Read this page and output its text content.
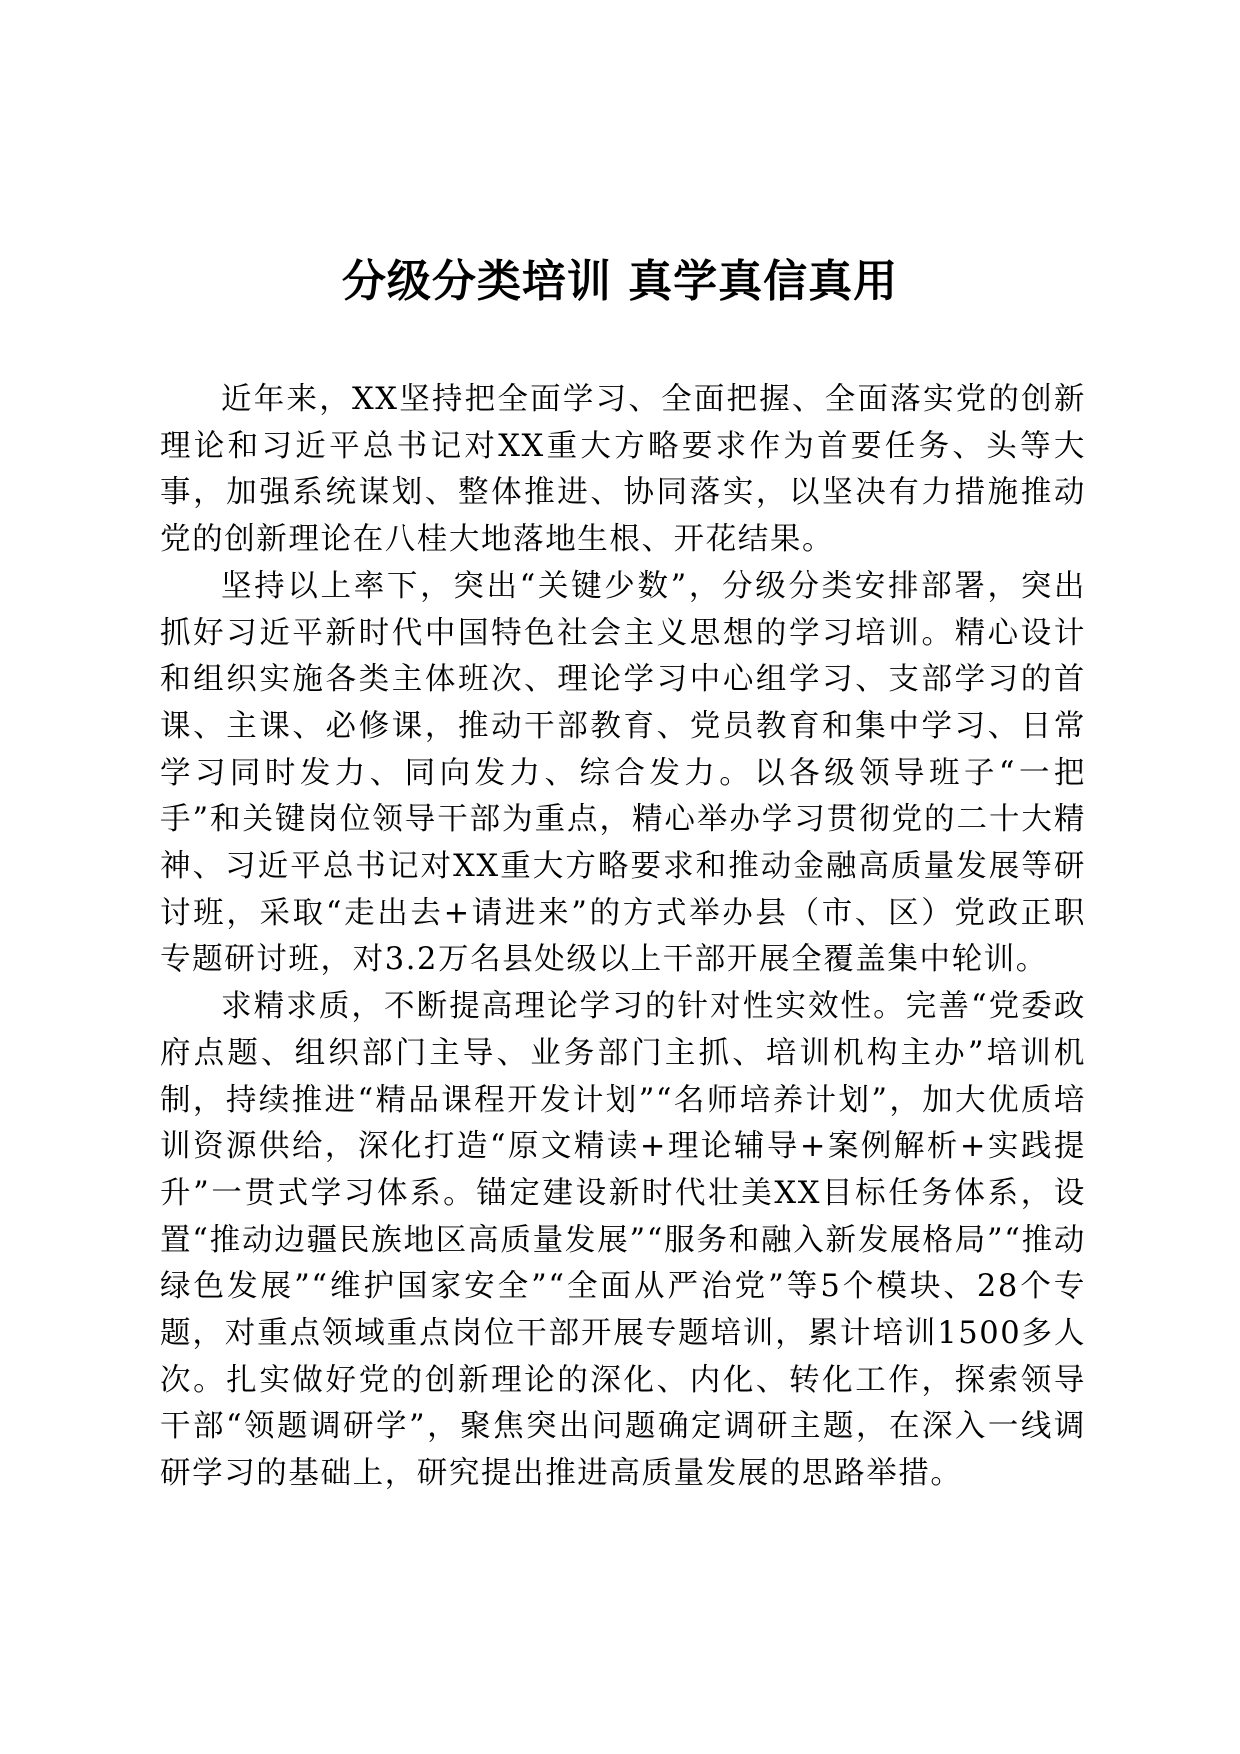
分级分类培训 真学真信真用

近年来，XX坚持把全面学习、全面把握、全面落实党的创新理论和习近平总书记对XX重大方略要求作为首要任务、头等大事，加强系统谋划、整体推进、协同落实，以坚决有力措施推动党的创新理论在八桂大地落地生根、开花结果。

坚持以上率下，突出“关键少数”，分级分类安排部署，突出抓好习近平新时代中国特色社会主义思想的学习培训。精心设计和组织实施各类主体班次、理论学习中心组学习、支部学习的首课、主课、必修课，推动干部教育、党员教育和集中学习、日常学习同时发力、同向发力、综合发力。以各级领导班子“一把手”和关键岗位领导干部为重点，精心举办学习贯彻党的二十大精神、习近平总书记对XX重大方略要求和推动金融高质量发展等研讨班，采取“走出去+请进来”的方式举办县（市、区）党政正职专题研讨班，对3.2万名县处级以上干部开展全覆盖集中轮训。

求精求质，不断提高理论学习的针对性实效性。完善“党委政府点题、组织部门主导、业务部门主抓、培训机构主办”培训机制，持续推进“精品课程开发计划”“名师培养计划”，加大优质培训资源供给，深化打造“原文精读+理论辅导+案例解析+实践提升”一贯式学习体系。锚定建设新时代壮美XX目标任务体系，设置“推动边疆民族地区高质量发展”“服务和融入新发展格局”“推动绿色发展”“维护国家安全”“全面从严治党”等5个模块、28个专题，对重点领域重点岗位干部开展专题培训，累计培训1500多人次。扎实做好党的创新理论的深化、内化、转化工作，探索领导干部“领题调研学”，聚焦突出问题确定调研主题，在深入一线调研学习的基础上，研究提出推进高质量发展的思路举措。
